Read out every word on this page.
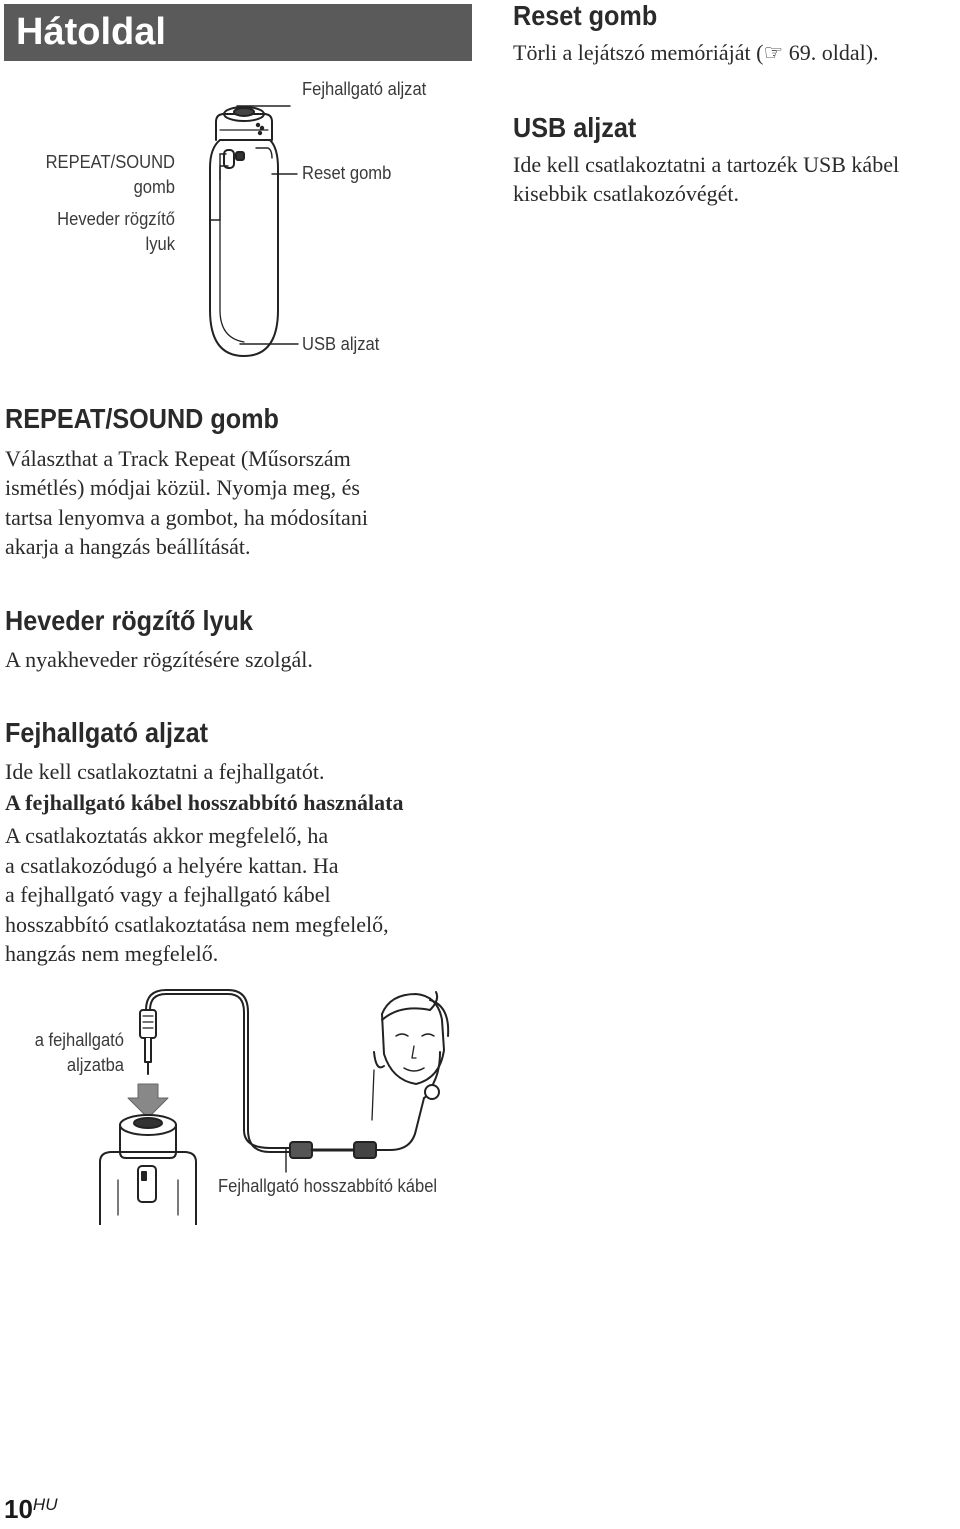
Hátoldal	Reset gomb
Törli a lejátszó memóriáját (☞ 69. oldal).
USB aljzat
Ide kell csatlakoztatni a tartozék USB kábel
kisebbik csatlakozóvégét.
REPEAT/SOUND
gomb
Heveder rögzítő
lyuk
Fejhallgató aljzat
Reset gomb
USB aljzat
REPEAT/SOUND gomb
Választhat a Track Repeat (Műsorszám
ismétlés) módjai közül. Nyomja meg, és
tartsa lenyomva a gombot, ha módosítani
akarja a hangzás beállítását.
Heveder rögzítő lyuk
A nyakheveder rögzítésére szolgál.
Fejhallgató aljzat
Ide kell csatlakoztatni a fejhallgatót.
A fejhallgató kábel hosszabbító használata
A csatlakoztatás akkor megfelelő, ha
a csatlakozódugó a helyére kattan. Ha
a fejhallgató vagy a fejhallgató kábel
hosszabbító csatlakoztatása nem megfelelő,
hangzás nem megfelelő.
a fejhallgató
aljzatba
Fejhallgató hosszabbító kábel
10HU
